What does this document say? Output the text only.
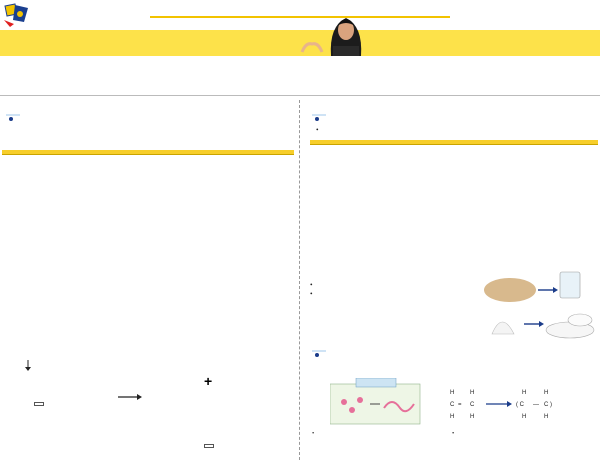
+
•

•
•
H	H
C = C
H	H
H	H
( C — C )
H	H
•	•
